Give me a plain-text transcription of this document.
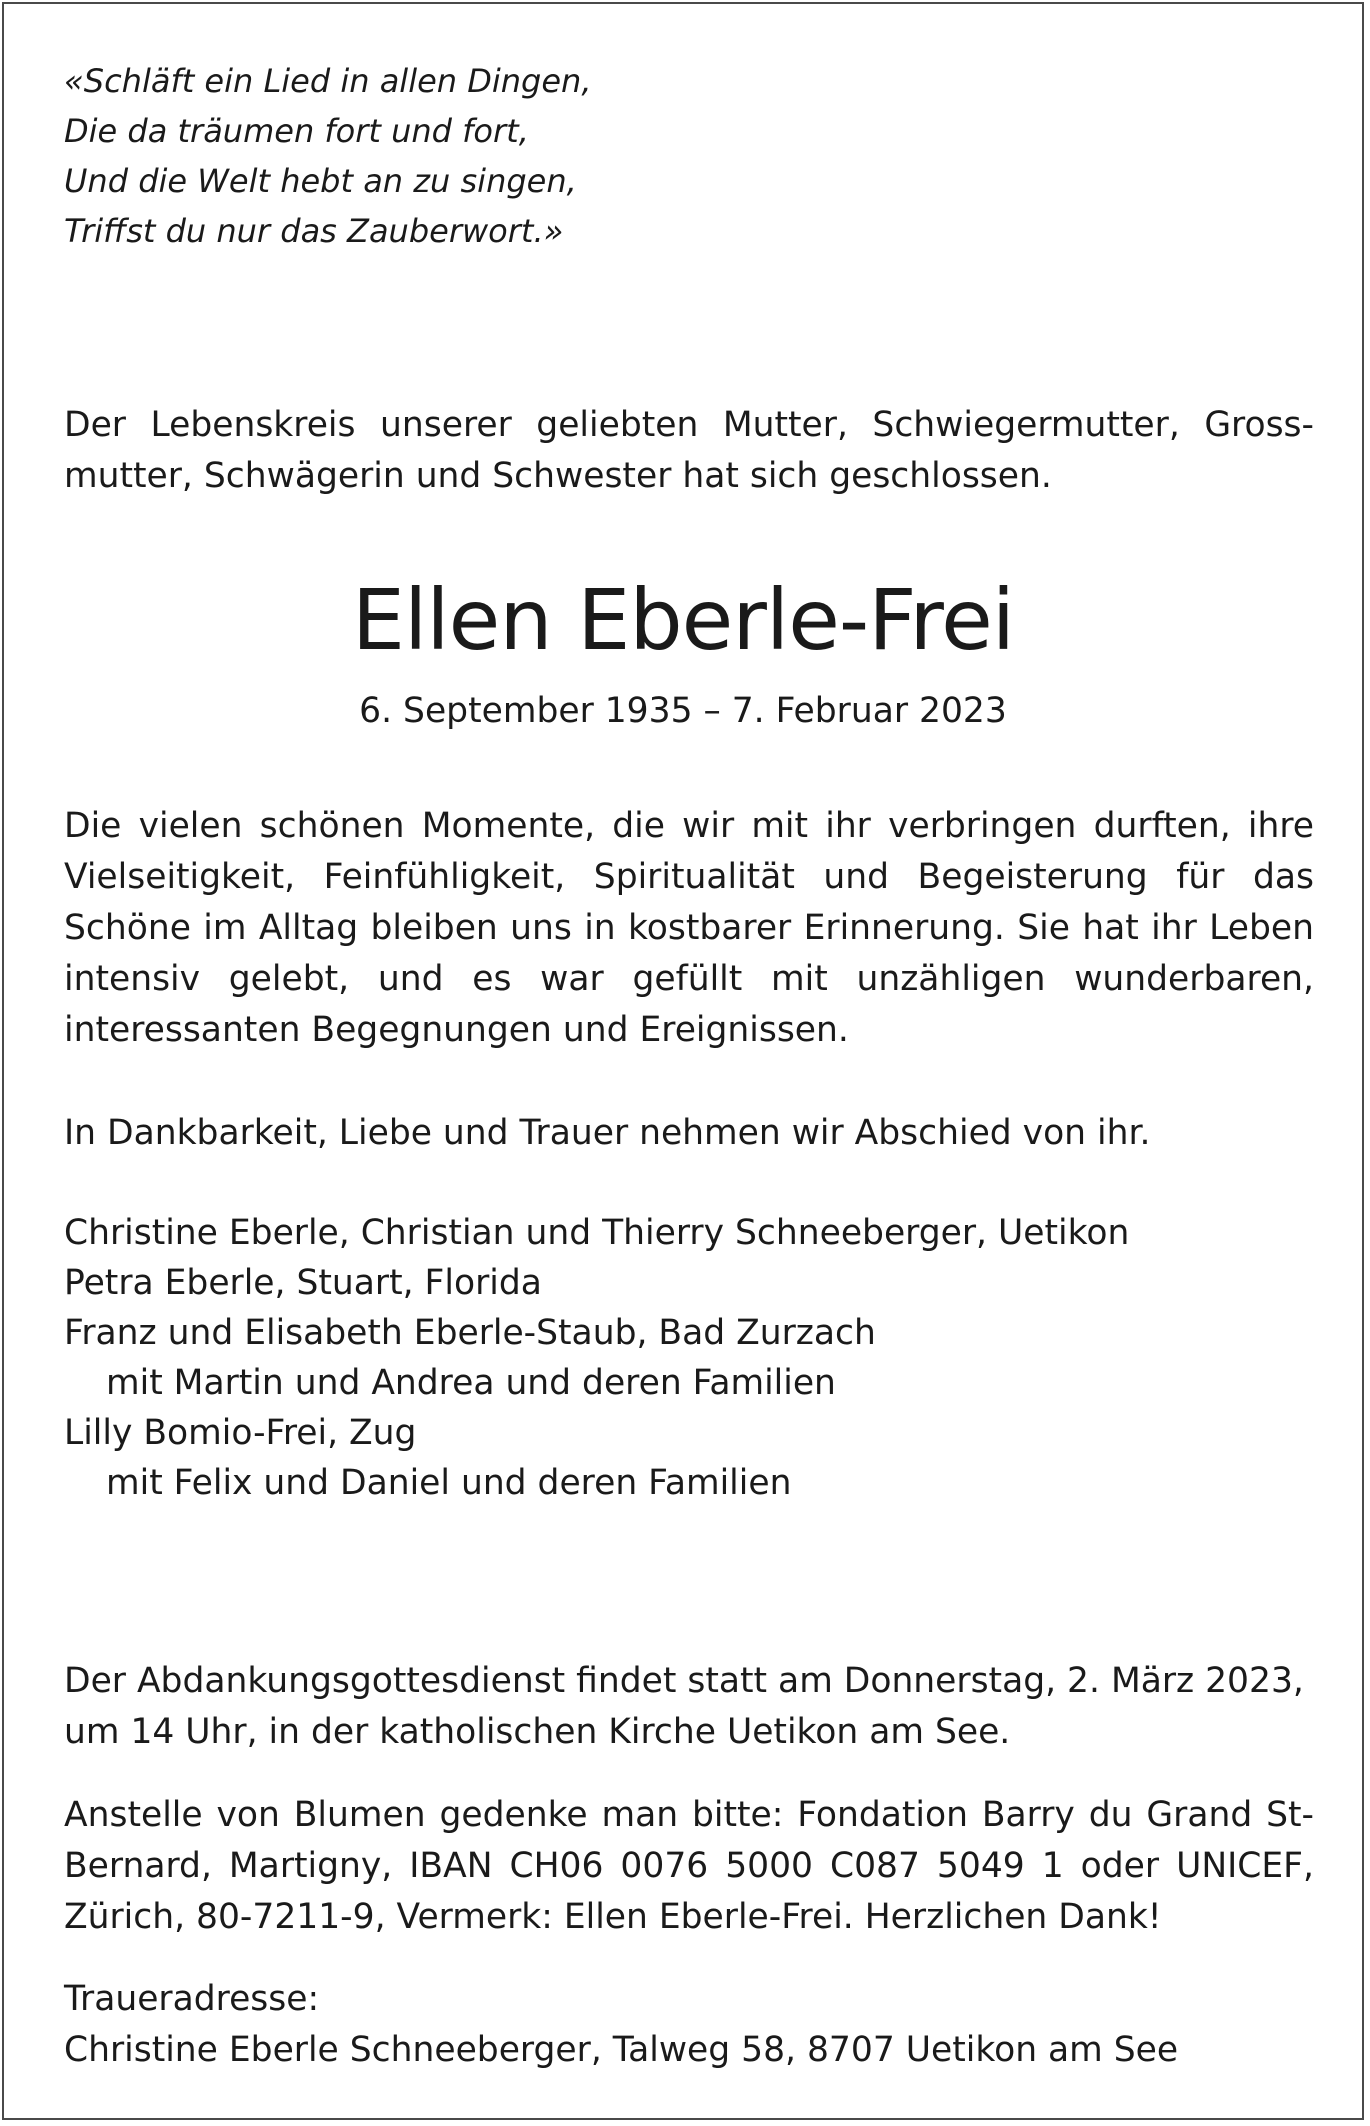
«Schläft ein Lied in allen Dingen,
Die da träumen fort und fort,
Und die Welt hebt an zu singen,
Triffst du nur das Zauberwort.»

Der Lebenskreis unserer geliebten Mutter, Schwiegermutter, Grossmutter, Schwägerin und Schwester hat sich geschlossen.

Ellen Eberle-Frei

6. September 1935 – 7. Februar 2023

Die vielen schönen Momente, die wir mit ihr verbringen durften, ihre Vielseitigkeit, Feinfühligkeit, Spiritualität und Begeisterung für das Schöne im Alltag bleiben uns in kostbarer Erinnerung. Sie hat ihr Leben intensiv gelebt, und es war gefüllt mit unzähligen wunderbaren, interessanten Begegnungen und Ereignissen.

In Dankbarkeit, Liebe und Trauer nehmen wir Abschied von ihr.

Christine Eberle, Christian und Thierry Schneeberger, Uetikon
Petra Eberle, Stuart, Florida
Franz und Elisabeth Eberle-Staub, Bad Zurzach
mit Martin und Andrea und deren Familien
Lilly Bomio-Frei, Zug
mit Felix und Daniel und deren Familien

Der Abdankungsgottesdienst findet statt am Donnerstag, 2. März 2023, um 14 Uhr, in der katholischen Kirche Uetikon am See.

Anstelle von Blumen gedenke man bitte: Fondation Barry du Grand St-Bernard, Martigny, IBAN CH06 0076 5000 C087 5049 1 oder UNICEF, Zürich, 80-7211-9, Vermerk: Ellen Eberle-Frei. Herzlichen Dank!

Traueradresse:
Christine Eberle Schneeberger, Talweg 58, 8707 Uetikon am See
